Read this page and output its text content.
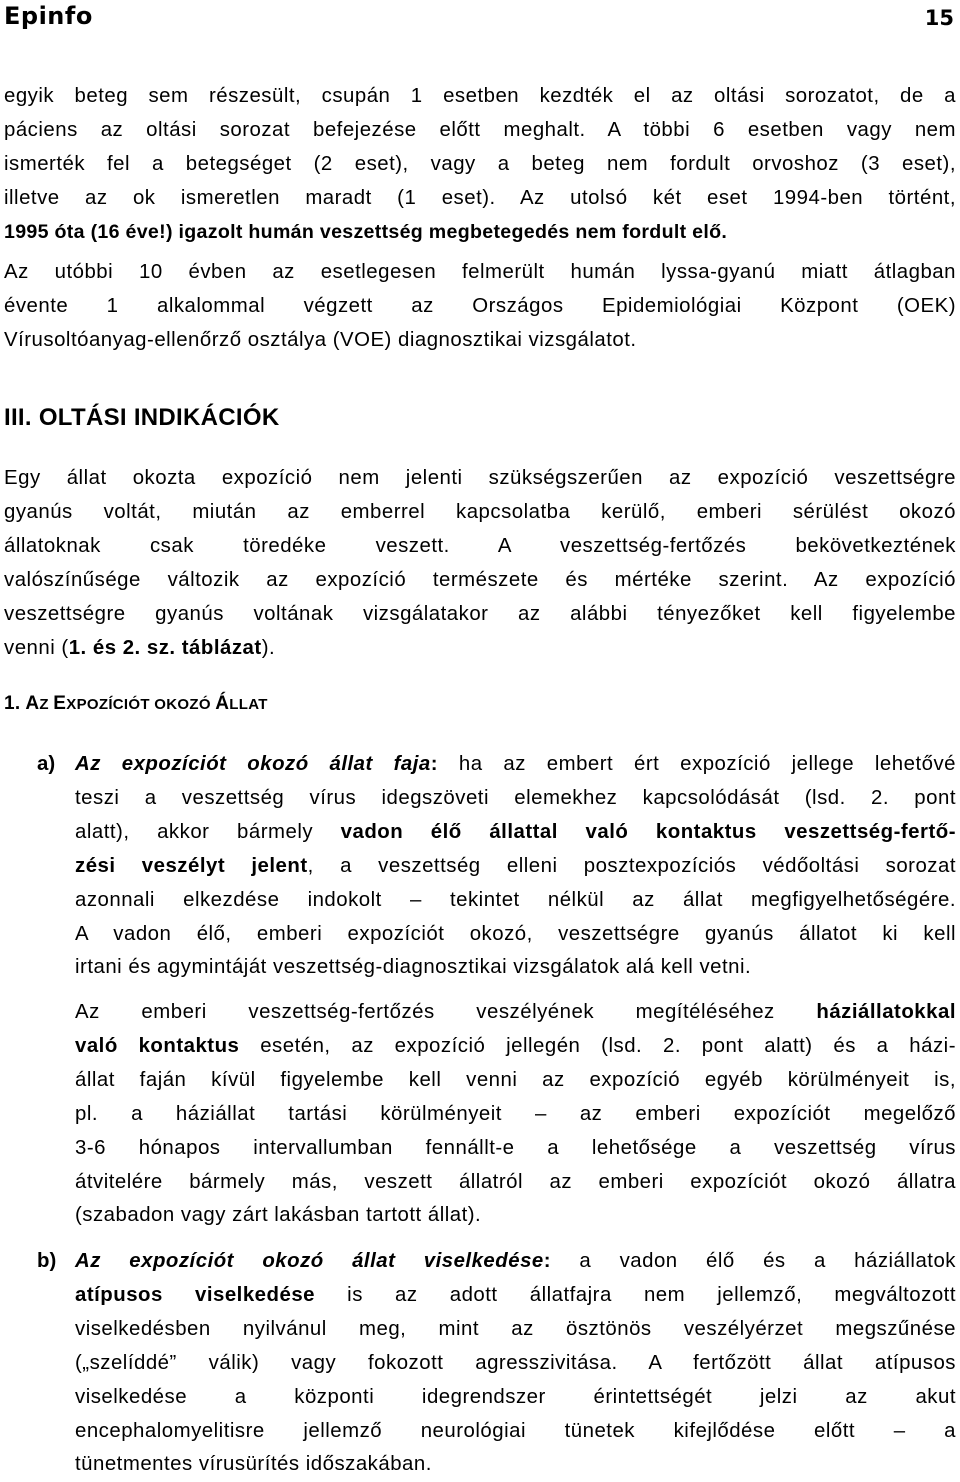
Epinfo	15
egyik beteg sem részesült, csupán 1 esetben kezdték el az oltási sorozatot, de a
páciens az oltási sorozat befejezése előtt meghalt. A többi 6 esetben vagy nem
ismerték fel a betegséget (2 eset), vagy a beteg nem fordult orvoshoz (3 eset),
illetve az ok ismeretlen maradt (1 eset). Az utolsó két eset 1994-ben történt,
1995 óta (16 éve!) igazolt humán veszettség megbetegedés nem fordult elő.
Az utóbbi 10 évben az esetlegesen felmerült humán lyssa-gyanú miatt átlagban
évente 1 alkalommal végzett az Országos Epidemiológiai Központ (OEK)
Vírusoltóanyag-ellenőrző osztálya (VOE) diagnosztikai vizsgálatot.
III. OLTÁSI INDIKÁCIÓK
Egy állat okozta expozíció nem jelenti szükségszerűen az expozíció veszettségre
gyanús voltát, miután az emberrel kapcsolatba kerülő, emberi sérülést okozó
állatoknak csak töredéke veszett. A veszettség-fertőzés bekövetkeztének
valószínűsége változik az expozíció természete és mértéke szerint. Az expozíció
veszettségre gyanús voltának vizsgálatakor az alábbi tényezőket kell figyelembe
venni (1. és 2. sz. táblázat).
1. AZ EXPOZÍCIÓT OKOZÓ ÁLLAT
a) Az expozíciót okozó állat faja: ha az embert ért expozíció jellege lehetővé
teszi a veszettség vírus idegszöveti elemekhez kapcsolódását (lsd. 2. pont
alatt), akkor bármely vadon élő állattal való kontaktus veszettség-fertő-
zési veszélyt jelent, a veszettség elleni posztexpozíciós védőoltási sorozat
azonnali elkezdése indokolt – tekintet nélkül az állat megfigyelhetőségére.
A vadon élő, emberi expozíciót okozó, veszettségre gyanús állatot ki kell
irtani és agymintáját veszettség-diagnosztikai vizsgálatok alá kell vetni.
Az emberi veszettség-fertőzés veszélyének megítéléséhez háziállatokkal
való kontaktus esetén, az expozíció jellegén (lsd. 2. pont alatt) és a házi-
állat faján kívül figyelembe kell venni az expozíció egyéb körülményeit is,
pl. a háziállat tartási körülményeit – az emberi expozíciót megelőző
3-6 hónapos intervallumban fennállt-e a lehetősége a veszettség vírus
átvitelére bármely más, veszett állatról az emberi expozíciót okozó állatra
(szabadon vagy zárt lakásban tartott állat).
b) Az expozíciót okozó állat viselkedése: a vadon élő és a háziállatok
atípusos viselkedése is az adott állatfajra nem jellemző, megváltozott
viselkedésben nyilvánul meg, mint az ösztönös veszélyérzet megszűnése
(„szelíddé” válik) vagy fokozott agresszivitása. A fertőzött állat atípusos
viselkedése a központi idegrendszer érintettségét jelzi az akut
encephalomyelitisre jellemző neurológiai tünetek kifejlődése előtt – a
tünetmentes vírusürítés időszakában.
